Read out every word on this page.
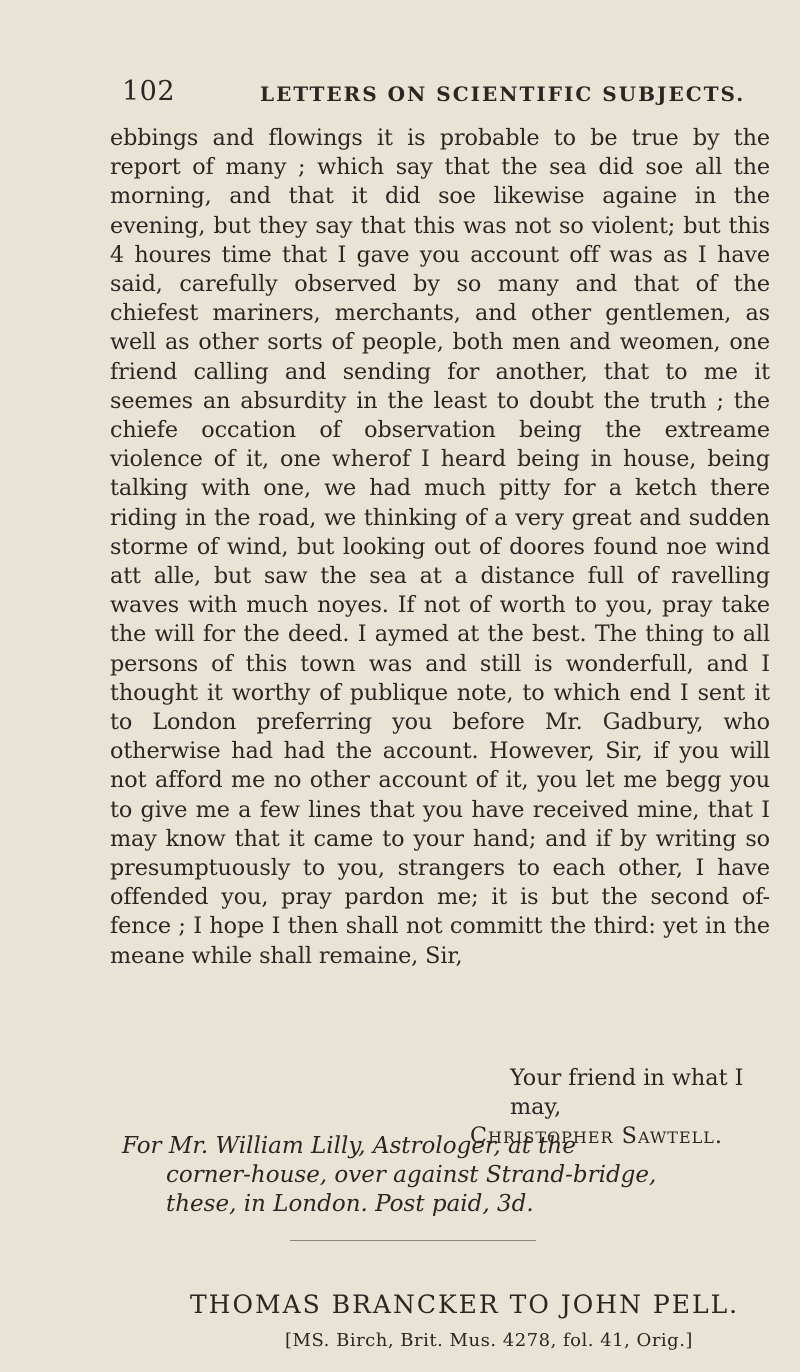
102	LETTERS ON SCIENTIFIC SUBJECTS.

ebbings and flowings it is probable to be true by the report of many ; which say that the sea did soe all the morning, and that it did soe likewise againe in the evening, but they say that this was not so violent; but this 4 houres time that I gave you account off was as I have said, carefully observed by so many and that of the chiefest mariners, merchants, and other gentlemen, as well as other sorts of people, both men and weomen, one friend calling and sending for another, that to me it seemes an absurdity in the least to doubt the truth ; the chiefe occation of observation being the extreame violence of it, one wherof I heard being in house, being talking with one, we had much pitty for a ketch there riding in the road, we thinking of a very great and sudden storme of wind, but looking out of doores found noe wind att alle, but saw the sea at a distance full of ravelling waves with much noyes. If not of worth to you, pray take the will for the deed. I aymed at the best. The thing to all persons of this town was and still is wonderfull, and I thought it worthy of publique note, to which end I sent it to London preferring you before Mr. Gadbury, who otherwise had had the account. However, Sir, if you will not afford me no other account of it, you let me begg you to give me a few lines that you have received mine, that I may know that it came to your hand; and if by writing so presumptuously to you, strangers to each other, I have offended you, pray pardon me; it is but the second of- fence ; I hope I then shall not committ the third: yet in the meane while shall remaine, Sir,

Your friend in what I may,
Christopher Sawtell.
For Mr. William Lilly, Astrologer, at the
corner-house, over against Strand-bridge,
these, in London. Post paid, 3d.
THOMAS BRANCKER TO JOHN PELL.
[MS. Birch, Brit. Mus. 4278, fol. 41, Orig.]
